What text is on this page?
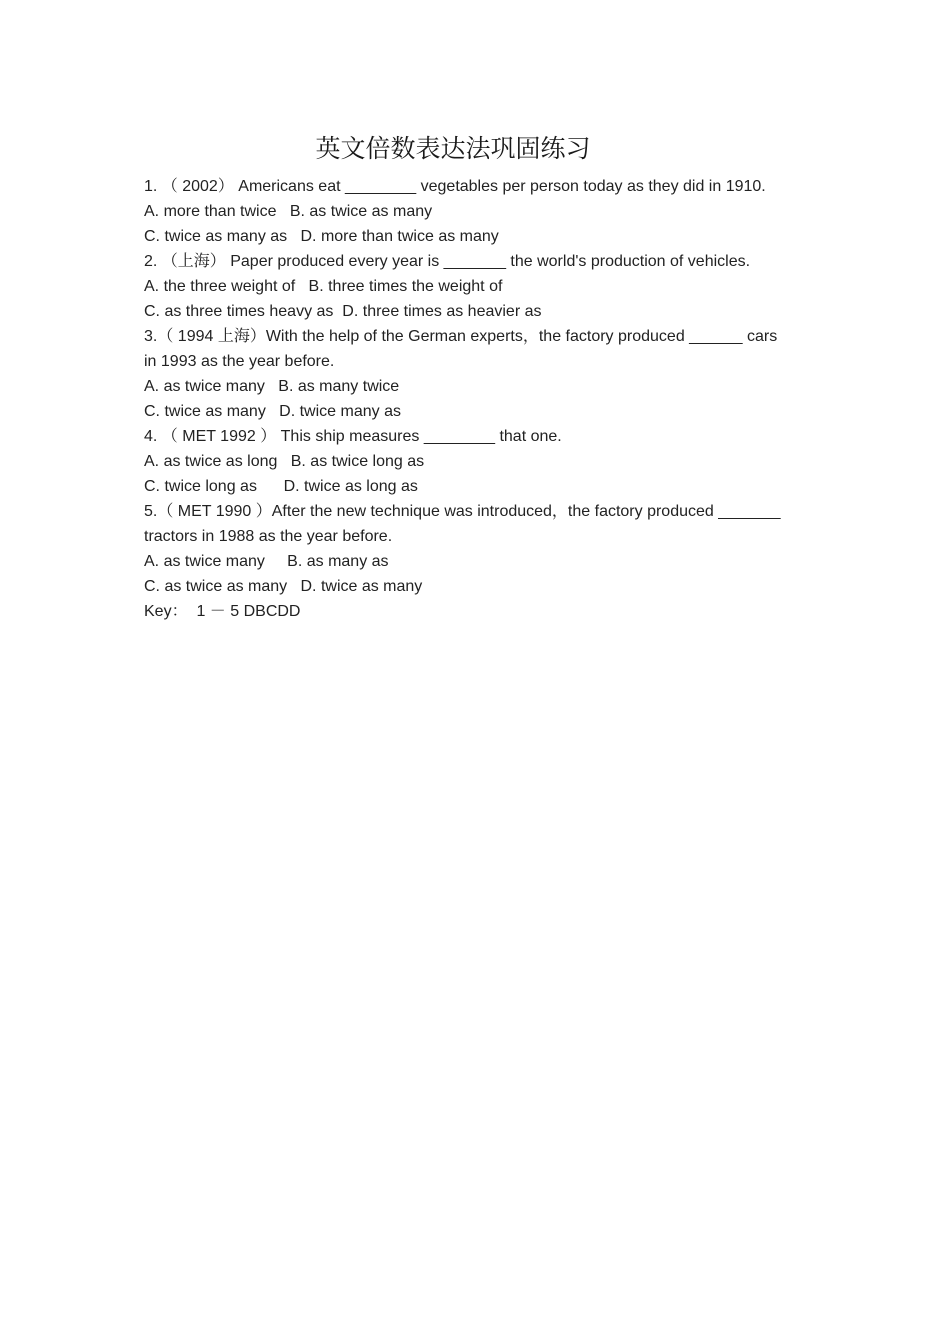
英文倍数表达法巩固练习

1. （ 2002） Americans eat ________ vegetables per person today as they did in 1910.

A. more than twice   B. as twice as many

C. twice as many as   D. more than twice as many

2. （上海） Paper produced every year is _______ the world's production of vehicles.

A. the three weight of   B. three times the weight of

C. as three times heavy as  D. three times as heavier as

3.（ 1994 上海）With the help of the German experts，the factory produced ______ cars

in 1993 as the year before.

A. as twice many   B. as many twice

C. twice as many   D. twice many as

4. （ MET 1992 ） This ship measures ________ that one.

A. as twice as long   B. as twice long as

C. twice long as      D. twice as long as

5.（ MET 1990 ）After the new technique was introduced，the factory produced _______

tractors in 1988 as the year before.

A. as twice many     B. as many as

C. as twice as many   D. twice as many

Key：  1 － 5 DBCDD
